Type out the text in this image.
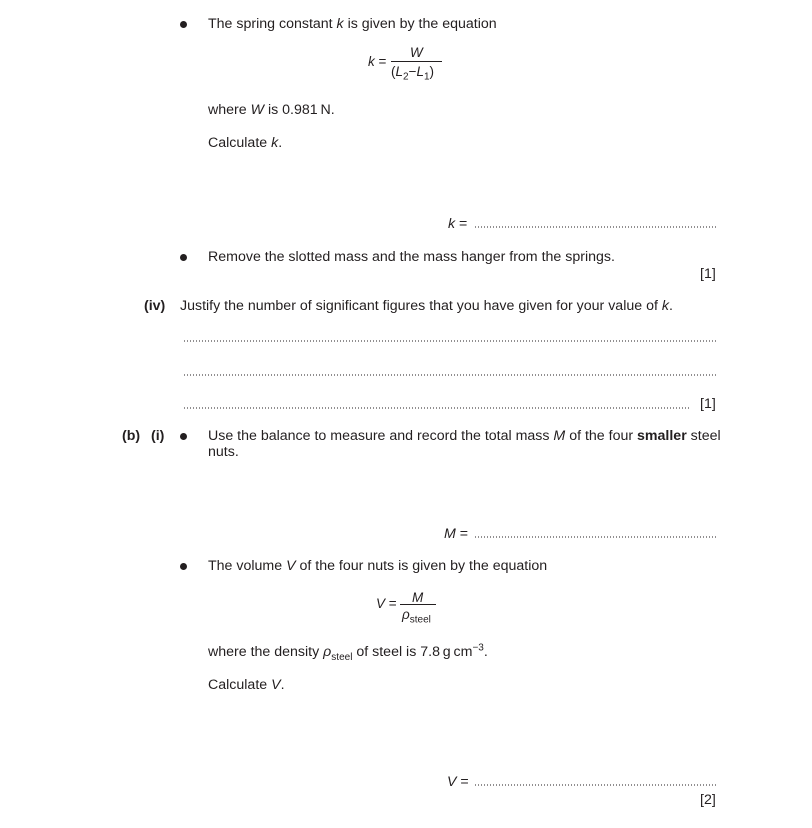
The spring constant k is given by the equation
k =
W
$(L_2-L_1)$
where W is 0.981 N.
Calculate k.
k =
Remove the slotted mass and the mass hanger from the springs.
[1]
(iv) Justify the number of significant figures that you have given for your value of k.
[1]
(b) (i)	Use the balance to measure and record the total mass M of the four smaller steel
nuts.
M =
The volume V of the four nuts is given by the equation
V = M
$\rho_{steel}$
where the density $\rho_{steel}$ of steel is 7.8 g $cm^{-3}$.
Calculate V.
V =
[2]
